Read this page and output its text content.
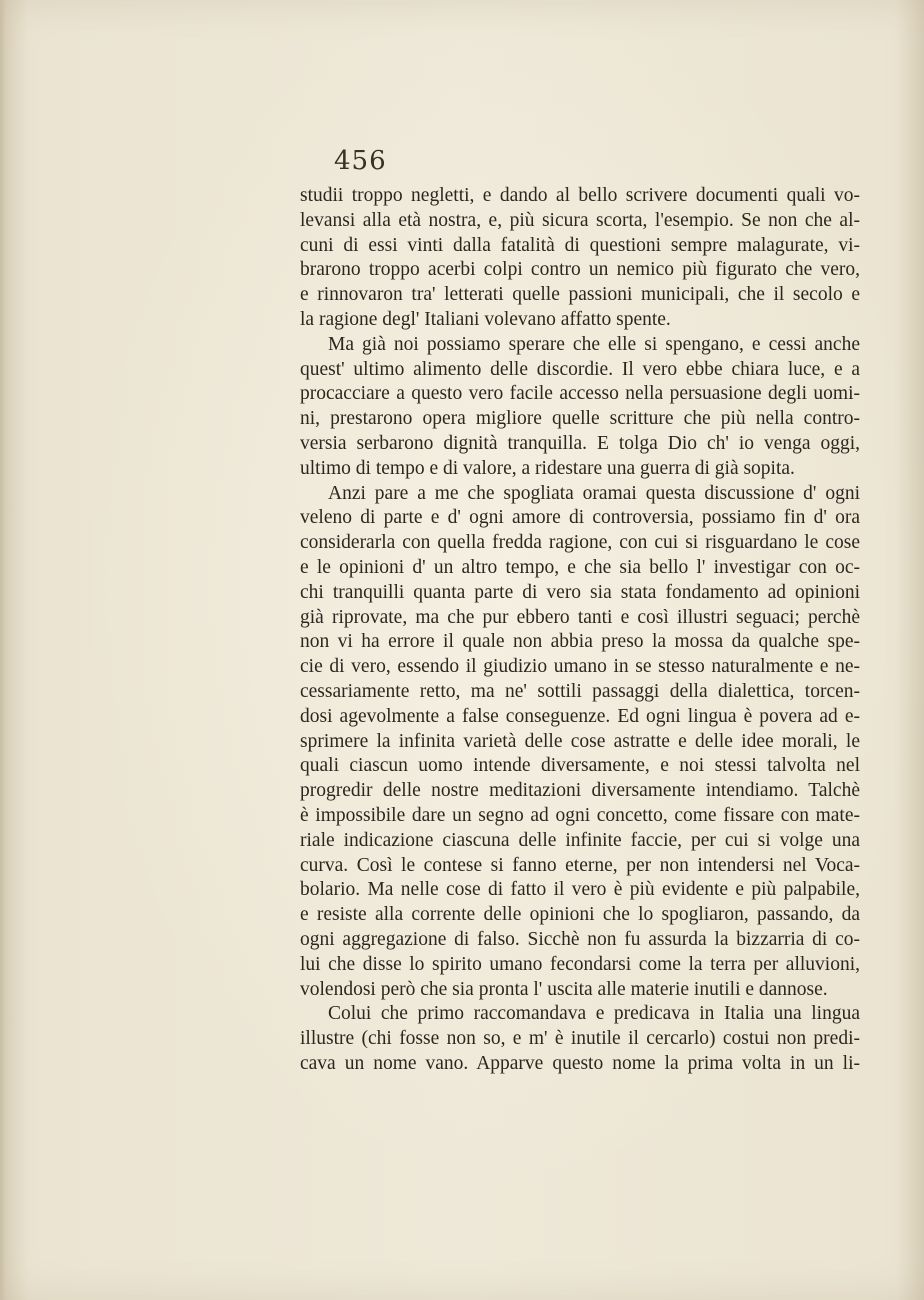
456
studii troppo negletti, e dando al bello scrivere documenti quali vo-
levansi alla età nostra, e, più sicura scorta, l'esempio. Se non che al-
cuni di essi vinti dalla fatalità di questioni sempre malagurate, vi-
brarono troppo acerbi colpi contro un nemico più figurato che vero,
e rinnovaron tra' letterati quelle passioni municipali, che il secolo e
la ragione degl' Italiani volevano affatto spente.
Ma già noi possiamo sperare che elle si spengano, e cessi anche
quest' ultimo alimento delle discordie. Il vero ebbe chiara luce, e a
procacciare a questo vero facile accesso nella persuasione degli uomi-
ni, prestarono opera migliore quelle scritture che più nella contro-
versia serbarono dignità tranquilla. E tolga Dio ch' io venga oggi,
ultimo di tempo e di valore, a ridestare una guerra di già sopita.
Anzi pare a me che spogliata oramai questa discussione d' ogni
veleno di parte e d' ogni amore di controversia, possiamo fin d' ora
considerarla con quella fredda ragione, con cui si risguardano le cose
e le opinioni d' un altro tempo, e che sia bello l' investigar con oc-
chi tranquilli quanta parte di vero sia stata fondamento ad opinioni
già riprovate, ma che pur ebbero tanti e così illustri seguaci; perchè
non vi ha errore il quale non abbia preso la mossa da qualche spe-
cie di vero, essendo il giudizio umano in se stesso naturalmente e ne-
cessariamente retto, ma ne' sottili passaggi della dialettica, torcen-
dosi agevolmente a false conseguenze. Ed ogni lingua è povera ad e-
sprimere la infinita varietà delle cose astratte e delle idee morali, le
quali ciascun uomo intende diversamente, e noi stessi talvolta nel
progredir delle nostre meditazioni diversamente intendiamo. Talchè
è impossibile dare un segno ad ogni concetto, come fissare con mate-
riale indicazione ciascuna delle infinite faccie, per cui si volge una
curva. Così le contese si fanno eterne, per non intendersi nel Voca-
bolario. Ma nelle cose di fatto il vero è più evidente e più palpabile,
e resiste alla corrente delle opinioni che lo spogliaron, passando, da
ogni aggregazione di falso. Sicchè non fu assurda la bizzarria di co-
lui che disse lo spirito umano fecondarsi come la terra per alluvioni,
volendosi però che sia pronta l' uscita alle materie inutili e dannose.
Colui che primo raccomandava e predicava in Italia una lingua
illustre (chi fosse non so, e m' è inutile il cercarlo) costui non predi-
cava un nome vano. Apparve questo nome la prima volta in un li-
